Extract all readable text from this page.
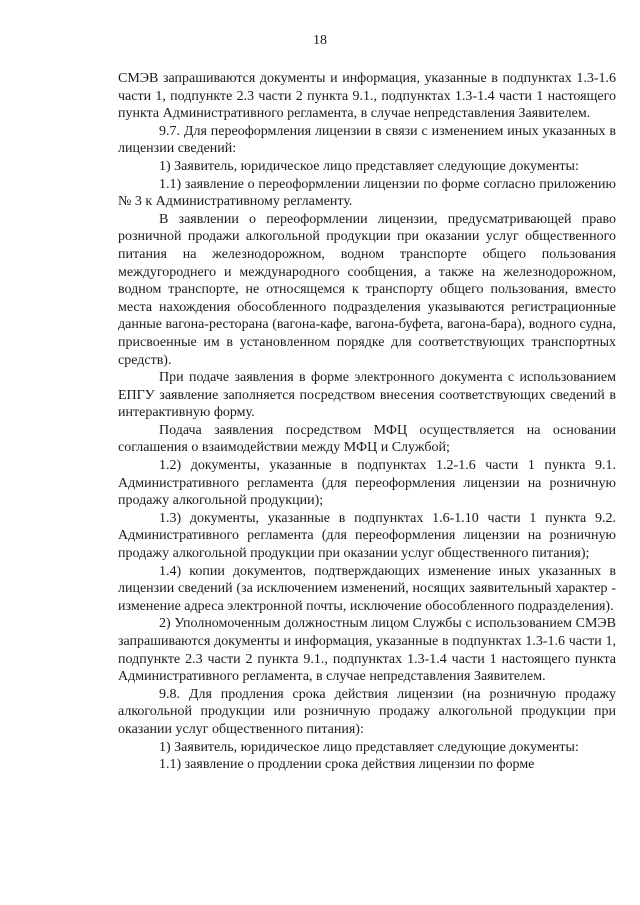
18

СМЭВ запрашиваются документы и информация, указанные в подпунктах 1.3-1.6 части 1, подпункте 2.3 части 2 пункта 9.1., подпунктах 1.3-1.4 части 1 настоящего пункта Административного регламента, в случае непредставления Заявителем.

9.7. Для переоформления лицензии в связи с изменением иных указанных в лицензии сведений:

1) Заявитель, юридическое лицо представляет следующие документы:

1.1) заявление о переоформлении лицензии по форме согласно приложению № 3 к Административному регламенту.

В заявлении о переоформлении лицензии, предусматривающей право розничной продажи алкогольной продукции при оказании услуг общественного питания на железнодорожном, водном транспорте общего пользования междугороднего и международного сообщения, а также на железнодорожном, водном транспорте, не относящемся к транспорту общего пользования, вместо места нахождения обособленного подразделения указываются регистрационные данные вагона-ресторана (вагона-кафе, вагона-буфета, вагона-бара), водного судна, присвоенные им в установленном порядке для соответствующих транспортных средств).

При подаче заявления в форме электронного документа с использованием ЕПГУ заявление заполняется посредством внесения соответствующих сведений в интерактивную форму.

Подача заявления посредством МФЦ осуществляется на основании соглашения о взаимодействии между МФЦ и Службой;

1.2) документы, указанные в подпунктах 1.2-1.6 части 1 пункта 9.1. Административного регламента (для переоформления лицензии на розничную продажу алкогольной продукции);

1.3) документы, указанные в подпунктах 1.6-1.10 части 1 пункта 9.2. Административного регламента (для переоформления лицензии на розничную продажу алкогольной продукции при оказании услуг общественного питания);

1.4) копии документов, подтверждающих изменение иных указанных в лицензии сведений (за исключением изменений, носящих заявительный характер - изменение адреса электронной почты, исключение обособленного подразделения).

2) Уполномоченным должностным лицом Службы с использованием СМЭВ запрашиваются документы и информация, указанные в подпунктах 1.3-1.6 части 1, подпункте 2.3 части 2 пункта 9.1., подпунктах 1.3-1.4 части 1 настоящего пункта Административного регламента, в случае непредставления Заявителем.

9.8. Для продления срока действия лицензии (на розничную продажу алкогольной продукции или розничную продажу алкогольной продукции при оказании услуг общественного питания):

1) Заявитель, юридическое лицо представляет следующие документы:

1.1) заявление о продлении срока действия лицензии по форме
